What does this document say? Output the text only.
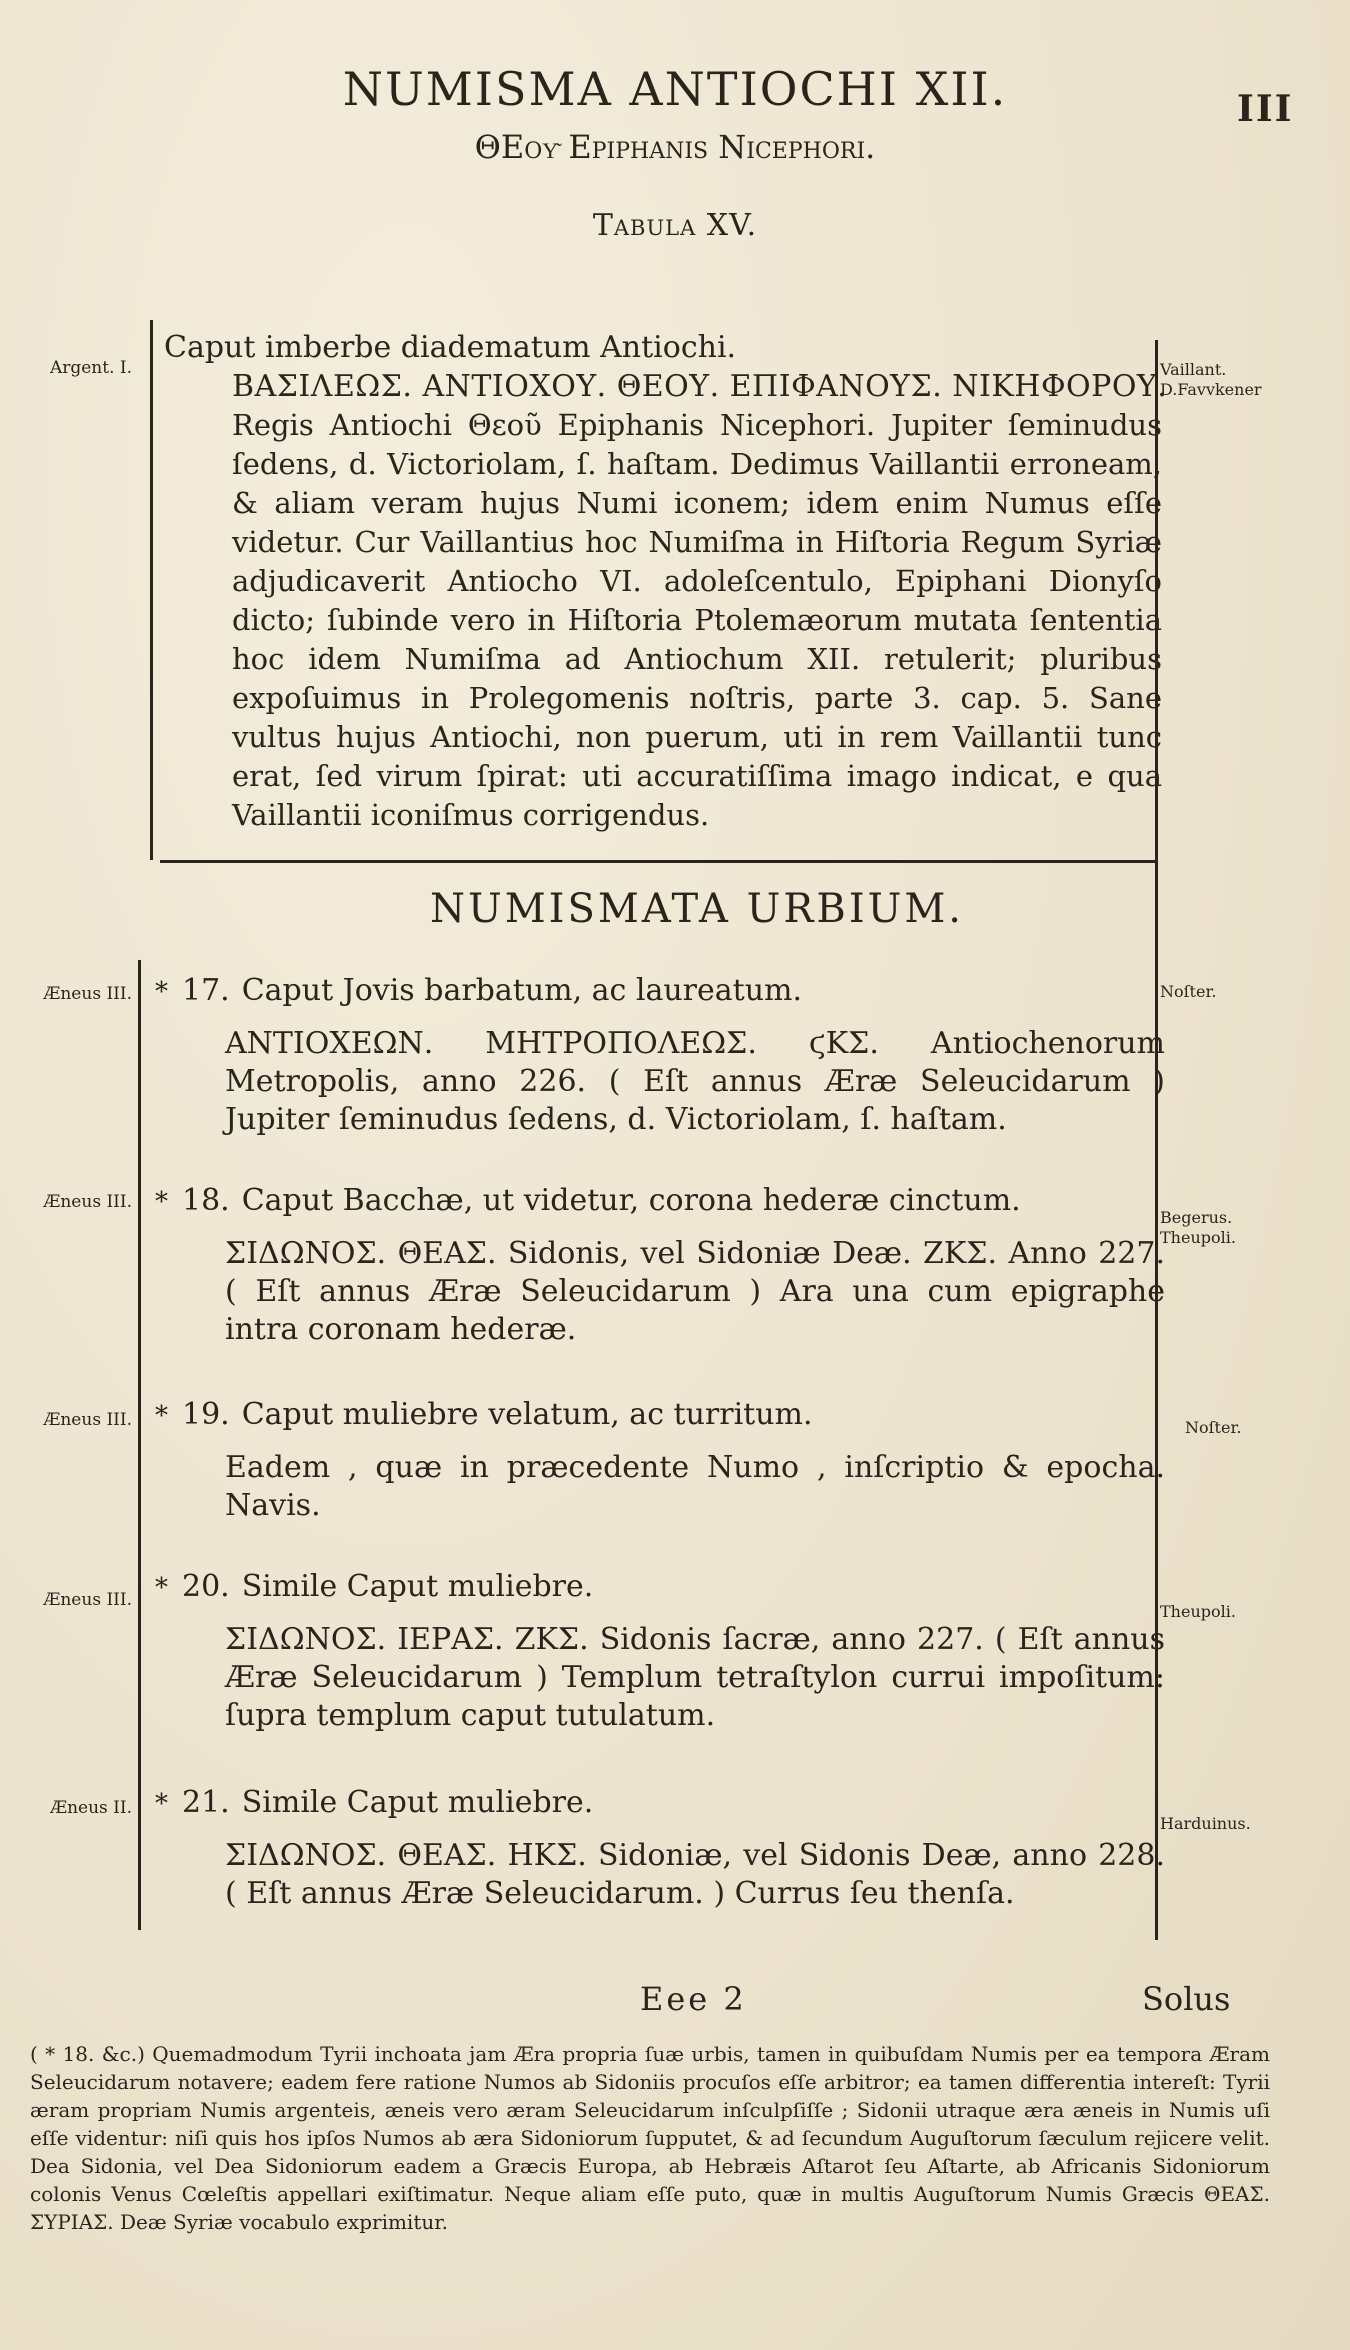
III
NUMISMA ANTIOCHI XII.
ΘΕοῦ Epiphanis Nicephori.
Tabula XV.
Argent. I.	Vaillant.
D.Favvkener

Caput imberbe diadematum Antiochi.

ΒΑΣΙΛΕΩΣ. ΑΝΤΙΟΧΟΥ. ΘΕΟΥ. ΕΠΙΦΑΝΟΥΣ. ΝΙΚΗΦΟΡΟΥ.

Regis Antiochi Θεοῦ Epiphanis Nicephori. Jupiter ſeminudus ſedens, d. Victoriolam, ſ. haſtam. Dedimus Vaillantii erroneam, & aliam veram hujus Numi iconem; idem enim Numus eſſe videtur. Cur Vaillantius hoc Numiſma in Hiſtoria Regum Syriæ adjudicaverit Antiocho VI. adoleſcentulo, Epiphani Dionyſo dicto; ſubinde vero in Hiſtoria Ptolemæorum mutata ſententia hoc idem Numiſma ad Antiochum XII. retulerit; pluribus expoſuimus in Prolegomenis noſtris, parte 3. cap. 5. Sane vultus hujus Antiochi, non puerum, uti in rem Vaillantii tunc erat, ſed virum ſpirat: uti accuratiſſima imago indicat, e qua Vaillantii iconiſmus corrigendus.

NUMISMATA URBIUM.
Æneus III.	Noſter.
* 17. Caput Jovis barbatum, ac laureatum.
ΑΝΤΙΟΧΕΩΝ. ΜΗΤΡΟΠΟΛΕΩΣ. ϛΚΣ. Antiochenorum Metropolis, anno 226. ( Eſt annus Æræ Seleucidarum ) Jupiter ſeminudus ſedens, d. Victoriolam, ſ. haſtam.
Æneus III.
Begerus. Theupoli.
* 18. Caput Bacchæ, ut videtur, corona hederæ cinctum.
ΣΙΔΩΝΟΣ. ΘΕΑΣ. Sidonis, vel Sidoniæ Deæ. ΖΚΣ. Anno 227. ( Eſt annus Æræ Seleucidarum ) Ara una cum epigraphe intra coronam hederæ.
Æneus III.	Noſter.
* 19. Caput muliebre velatum, ac turritum.
Eadem , quæ in præcedente Numo , inſcriptio & epocha. Navis.
Æneus III.
Theupoli.
* 20. Simile Caput muliebre.
ΣΙΔΩΝΟΣ. ΙΕΡΑΣ. ΖΚΣ. Sidonis ſacræ, anno 227. ( Eſt annus Æræ Seleucidarum ) Templum tetraſtylon currui impoſitum: ſupra templum caput tutulatum.
Æneus II.
Harduinus.
* 21. Simile Caput muliebre.
ΣΙΔΩΝΟΣ. ΘΕΑΣ. ΗΚΣ. Sidoniæ, vel Sidonis Deæ, anno 228. ( Eſt annus Æræ Seleucidarum. ) Currus ſeu thenſa.
Eee 2	Solus
( * 18. &c.) Quemadmodum Tyrii inchoata jam Æra propria ſuæ urbis, tamen in quibuſdam Numis per ea tempora Æram Seleucidarum notavere; eadem fere ratione Numos ab Sidoniis procuſos eſſe arbitror; ea tamen differentia intereſt: Tyrii æram propriam Numis argenteis, æneis vero æram Seleucidarum inſculpſiſſe ; Sidonii utraque æra æneis in Numis uſi eſſe videntur: niſi quis hos ipſos Numos ab æra Sidoniorum ſupputet, & ad ſecundum Auguſtorum ſæculum rejicere velit. Dea Sidonia, vel Dea Sidoniorum eadem a Græcis Europa, ab Hebræis Aſtarot ſeu Aſtarte, ab Africanis Sidoniorum colonis Venus Cœleſtis appellari exiſtimatur. Neque aliam eſſe puto, quæ in multis Auguſtorum Numis Græcis ΘΕΑΣ. ΣΥΡΙΑΣ. Deæ Syriæ vocabulo exprimitur.
